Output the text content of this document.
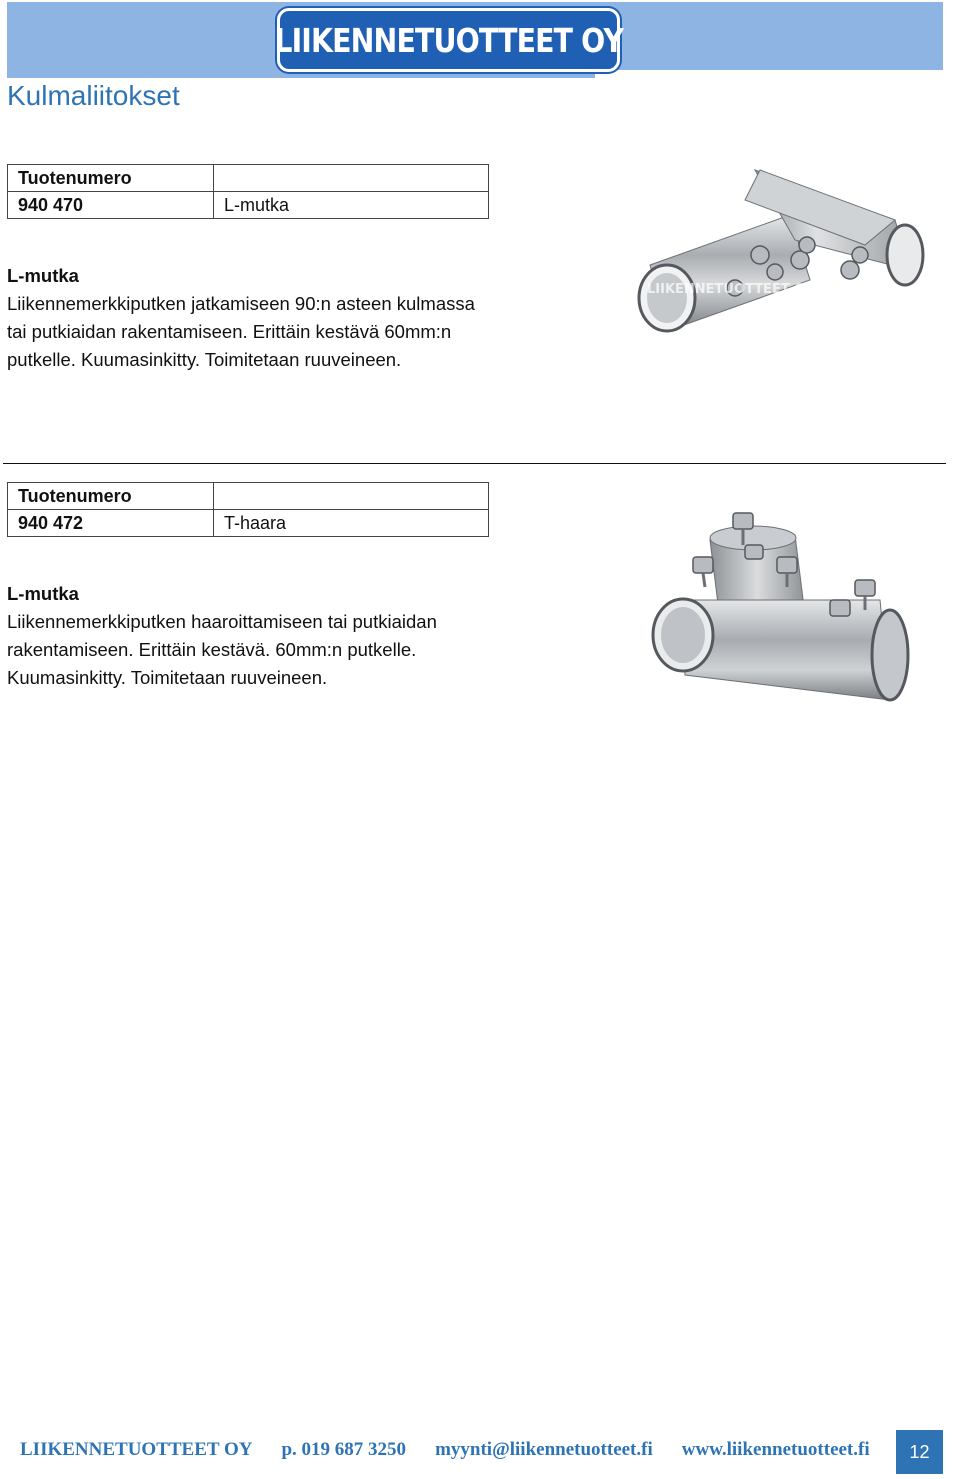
LIIKENNETUOTTEET OY
Kulmaliitokset
Tuotenumero	
940 470	L-mutka
L-mutka
Liikennemerkkiputken jatkamiseen 90:n asteen kulmassa
tai putkiaidan rakentamiseen. Erittäin kestävä 60mm:n
putkelle. Kuumasinkitty. Toimitetaan ruuveineen.
LIIKENNETUOTTEET OY
Tuotenumero	
940 472	T-haara
L-mutka
Liikennemerkkiputken haaroittamiseen tai putkiaidan
rakentamiseen. Erittäin kestävä. 60mm:n putkelle.
Kuumasinkitty. Toimitetaan ruuveineen.
LIIKENNETUOTTEET OY p. 019 687 3250 myynti@liikennetuotteet.fi www.liikennetuotteet.fi	12
